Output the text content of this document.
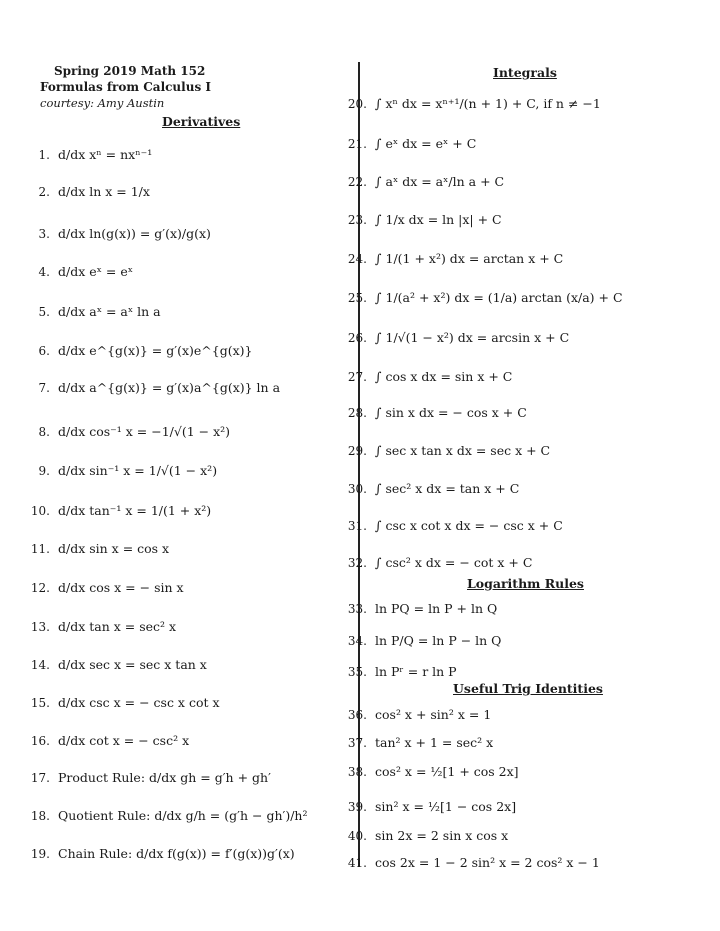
Spring 2019 Math 152
Formulas from Calculus I
courtesy: Amy Austin
Derivatives
Integrals
Logarithm Rules
Useful Trig Identities
1. d/dx xⁿ = nxⁿ⁻¹
2. d/dx ln x = 1/x
3. d/dx ln(g(x)) = g′(x)/g(x)
4. d/dx eˣ = eˣ
5. d/dx aˣ = aˣ ln a
6. d/dx e^{g(x)} = g′(x)e^{g(x)}
7. d/dx a^{g(x)} = g′(x)a^{g(x)} ln a
8. d/dx cos⁻¹ x = −1/√(1 − x²)
9. d/dx sin⁻¹ x = 1/√(1 − x²)
10. d/dx tan⁻¹ x = 1/(1 + x²)
11. d/dx sin x = cos x
12. d/dx cos x = − sin x
13. d/dx tan x = sec² x
14. d/dx sec x = sec x tan x
15. d/dx csc x = − csc x cot x
16. d/dx cot x = − csc² x
17. Product Rule: d/dx gh = g′h + gh′
18. Quotient Rule: d/dx g/h = (g′h − gh′)/h²
19. Chain Rule: d/dx f(g(x)) = f′(g(x))g′(x)
20. ∫ xⁿ dx = xⁿ⁺¹/(n + 1) + C, if n ≠ −1
21. ∫ eˣ dx = eˣ + C
22. ∫ aˣ dx = aˣ/ln a + C
23. ∫ 1/x dx = ln |x| + C
24. ∫ 1/(1 + x²) dx = arctan x + C
25. ∫ 1/(a² + x²) dx = (1/a) arctan (x/a) + C
26. ∫ 1/√(1 − x²) dx = arcsin x + C
27. ∫ cos x dx = sin x + C
28. ∫ sin x dx = − cos x + C
29. ∫ sec x tan x dx = sec x + C
30. ∫ sec² x dx = tan x + C
31. ∫ csc x cot x dx = − csc x + C
32. ∫ csc² x dx = − cot x + C
33. ln PQ = ln P + ln Q
34. ln P/Q = ln P − ln Q
35. ln Pʳ = r ln P
36. cos² x + sin² x = 1
37. tan² x + 1 = sec² x
38. cos² x = ½[1 + cos 2x]
39. sin² x = ½[1 − cos 2x]
40. sin 2x = 2 sin x cos x
41. cos 2x = 1 − 2 sin² x = 2 cos² x − 1
